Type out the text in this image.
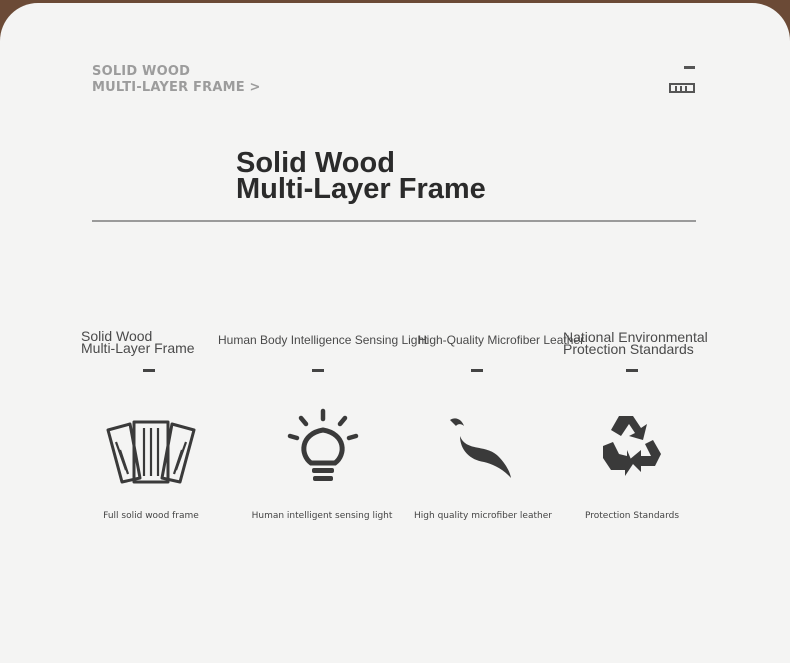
SOLID WOOD
MULTI-LAYER FRAME >
Solid Wood
Multi-Layer Frame
Solid Wood
Multi-Layer Frame
Full solid wood frame
Human Body Intelligence Sensing Light
Human intelligent sensing light
High-Quality Microfiber Leather
High quality microfiber leather
National Environmental
Protection Standards
Protection Standards
